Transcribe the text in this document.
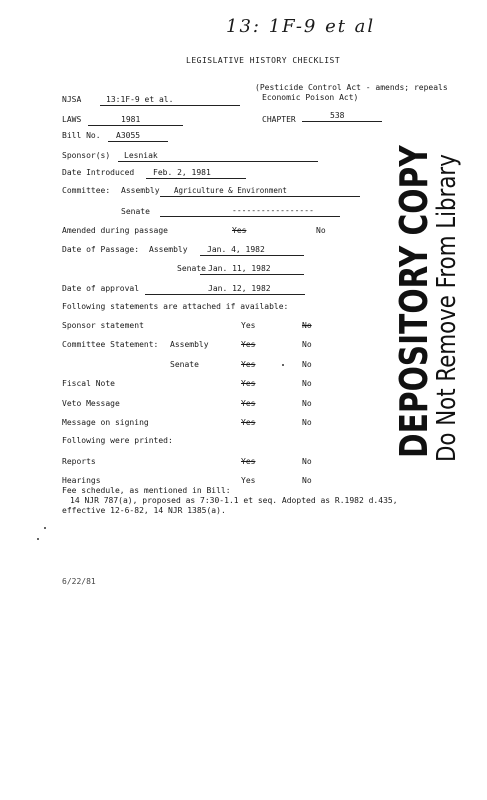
13: 1F-9 et al
LEGISLATIVE HISTORY CHECKLIST
NJSA	13:1F-9 et al.
(Pesticide Control Act - amends; repeals
Economic Poison Act)
LAWS	1981	CHAPTER	538
Bill No. A3055
Sponsor(s) Lesniak
Date Introduced Feb. 2, 1981
Committee: Assembly Agriculture & Environment
Senate	-----------------
Amended during passage	Yes	No
Date of Passage: Assembly Jan. 4, 1982
Senate Jan. 11, 1982
Date of approval	Jan. 12, 1982
Following statements are attached if available:
Sponsor statement	Yes	No
Committee Statement: Assembly	Yes	No
Senate	Yes	No
Fiscal Note	Yes	No
Veto Message	Yes	No
Message on signing	Yes	No
Following were printed:
Reports	Yes	No
Hearings	Yes	No
Fee schedule, as mentioned in Bill:
14 NJR 787(a), proposed as 7:30-1.1 et seq. Adopted as R.1982 d.435,
effective 12-6-82, 14 NJR 1385(a).
6/22/81
DEPOSITORY COPY
Do Not Remove From Library
